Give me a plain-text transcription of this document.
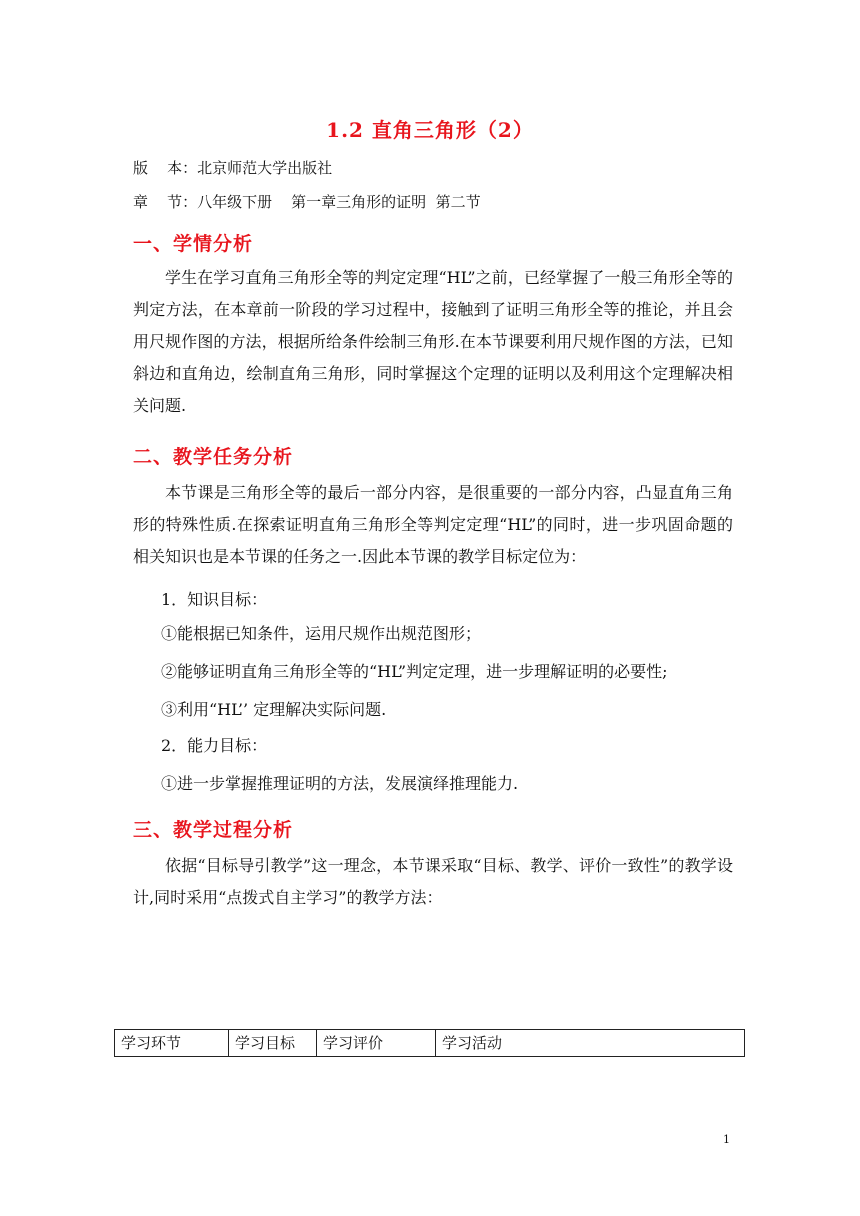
1.2 直角三角形（2）
版    本：北京师范大学出版社
章    节：八年级下册    第一章三角形的证明  第二节
一、学情分析

学生在学习直角三角形全等的判定定理“HL”之前，已经掌握了一般三角形全等的判定方法，在本章前一阶段的学习过程中，接触到了证明三角形全等的推论，并且会用尺规作图的方法，根据所给条件绘制三角形.在本节课要利用尺规作图的方法，已知斜边和直角边，绘制直角三角形，同时掌握这个定理的证明以及利用这个定理解决相关问题.

二、教学任务分析

本节课是三角形全等的最后一部分内容，是很重要的一部分内容，凸显直角三角形的特殊性质.在探索证明直角三角形全等判定定理“HL”的同时，进一步巩固命题的相关知识也是本节课的任务之一.因此本节课的教学目标定位为：

1．知识目标：
①能根据已知条件，运用尺规作出规范图形；
②能够证明直角三角形全等的“HL”判定定理，进一步理解证明的必要性;
③利用“HL’’ 定理解决实际问题.
2．能力目标：
①进一步掌握推理证明的方法，发展演绎推理能力.
三、教学过程分析

依据“目标导引教学”这一理念，本节课采取“目标、教学、评价一致性”的教学设计,同时采用“点拨式自主学习”的教学方法：

学习环节	学习目标	学习评价	学习活动
1
